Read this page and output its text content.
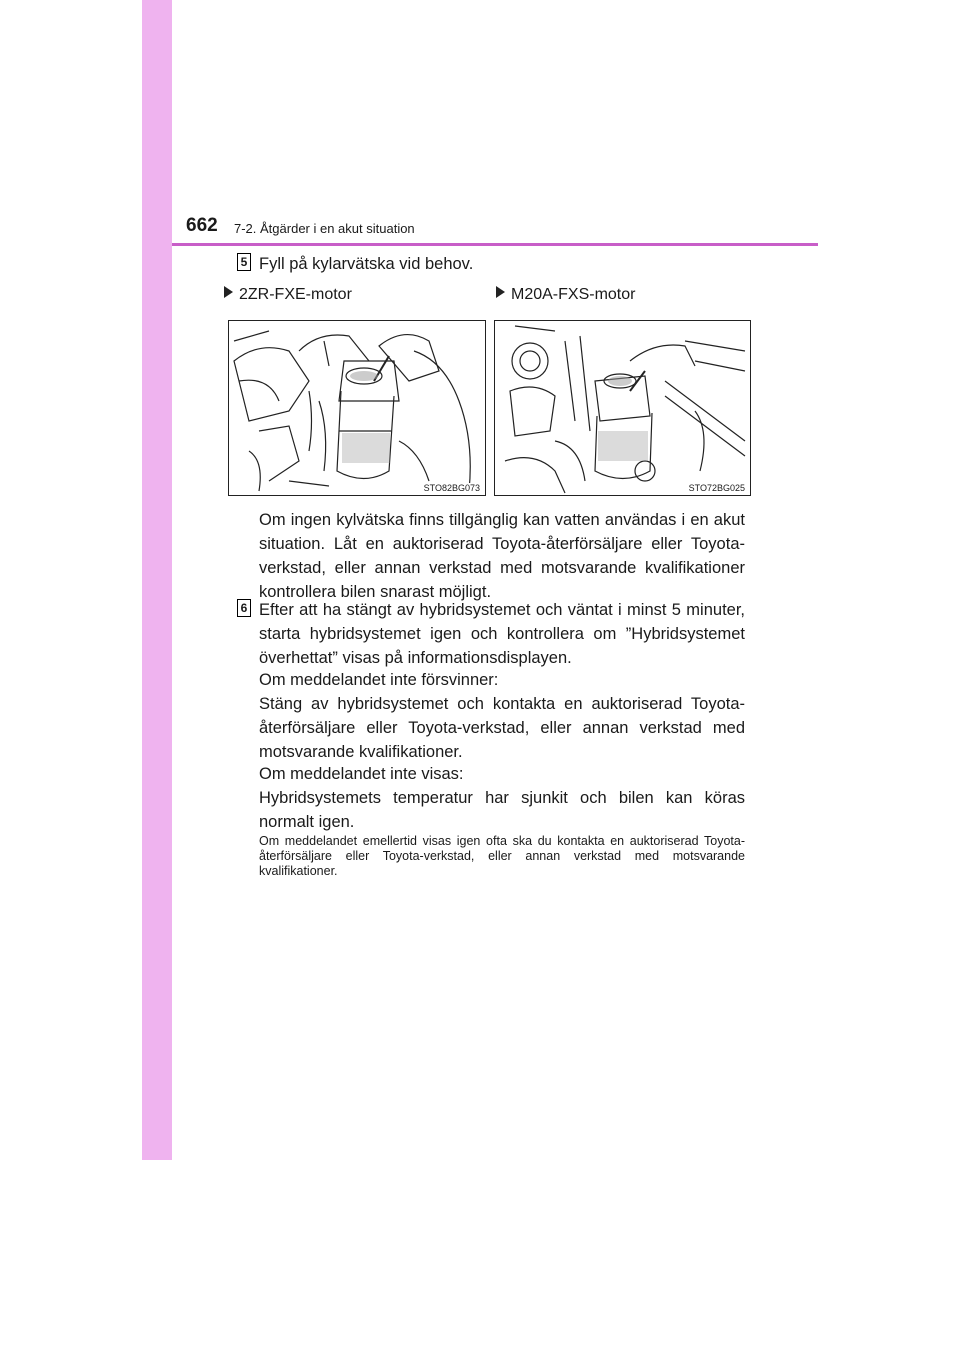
662 7-2. Åtgärder i en akut situation
5 Fyll på kylarvätska vid behov.
2ZR-FXE-motor	M20A-FXS-motor
STO82BG073	STO72BG025
Om ingen kylvätska finns tillgänglig kan vatten användas i en akut situation. Låt en auktoriserad Toyota-återförsäljare eller Toyota-verkstad, eller annan verkstad med motsvarande kvalifikationer kontrollera bilen snarast möjligt.
6 Efter att ha stängt av hybridsystemet och väntat i minst 5 minuter, starta hybridsystemet igen och kontrollera om ”Hybridsystemet överhettat” visas på informationsdisplayen.
Om meddelandet inte försvinner:
Stäng av hybridsystemet och kontakta en auktoriserad Toyota-återförsäljare eller Toyota-verkstad, eller annan verkstad med motsvarande kvalifikationer.
Om meddelandet inte visas:
Hybridsystemets temperatur har sjunkit och bilen kan köras normalt igen.
Om meddelandet emellertid visas igen ofta ska du kontakta en auktoriserad Toyota-återförsäljare eller Toyota-verkstad, eller annan verkstad med motsvarande kvalifikationer.
